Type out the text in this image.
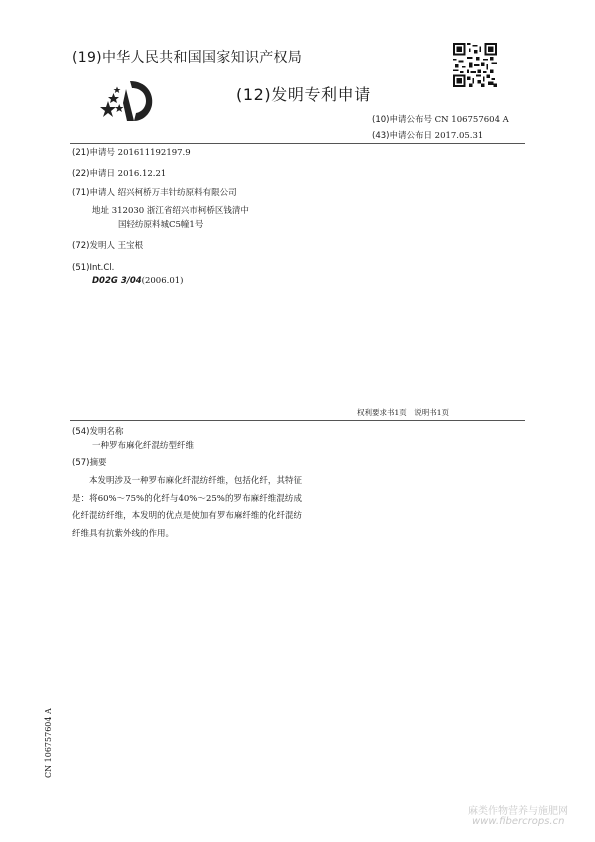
(19)中华人民共和国国家知识产权局
(12)发明专利申请
(10)申请公布号 CN 106757604 A
(43)申请公布日 2017.05.31
(21)申请号 201611192197.9
(22)申请日 2016.12.21
(71)申请人 绍兴柯桥万丰针纺原料有限公司
地址 312030 浙江省绍兴市柯桥区钱清中
国轻纺原料城C5幢1号
(72)发明人 王宝根
(51)Int.Cl.
D02G 3/04(2006.01)
权利要求书1页　说明书1页
(54)发明名称
一种罗布麻化纤混纺型纤维
(57)摘要

本发明涉及一种罗布麻化纤混纺纤维，包括化纤，其特征是：将60%～75%的化纤与40%～25%的罗布麻纤维混纺成化纤混纺纤维，本发明的优点是使加有罗布麻纤维的化纤混纺纤维具有抗紫外线的作用。

CN 106757604 A
麻类作物营养与施肥网
www.fibercrops.cn
